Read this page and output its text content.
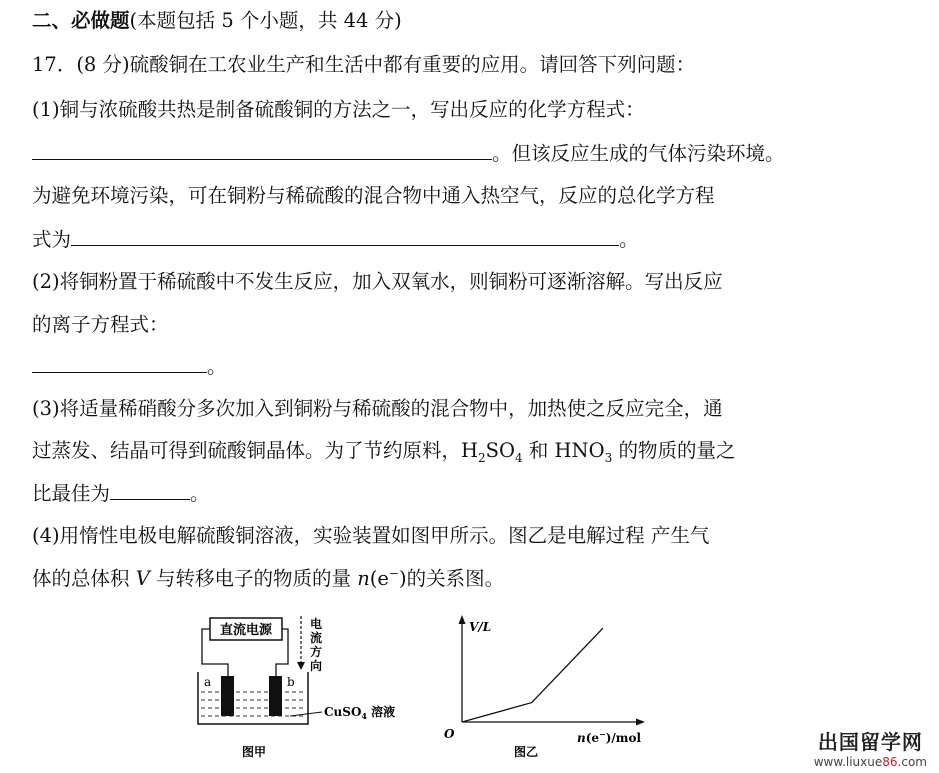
二、必做题(本题包括 5 个小题，共 44 分)
17．(8 分)硫酸铜在工农业生产和生活中都有重要的应用。请回答下列问题：
(1)铜与浓硫酸共热是制备硫酸铜的方法之一，写出反应的化学方程式：
。但该反应生成的气体污染环境。
为避免环境污染，可在铜粉与稀硫酸的混合物中通入热空气，反应的总化学方程
式为	。
(2)将铜粉置于稀硫酸中不发生反应，加入双氧水，则铜粉可逐渐溶解。写出反应
的离子方程式：
。
(3)将适量稀硝酸分多次加入到铜粉与稀硫酸的混合物中，加热使之反应完全，通
过蒸发、结晶可得到硫酸铜晶体。为了节约原料，$H_2SO_4$ 和 $HNO_3$ 的物质的量之
比最佳为	。
(4)用惰性电极电解硫酸铜溶液，实验装置如图甲所示。图乙是电解过程 产生气
体的总体积 V 与转移电子的物质的量 n(e−)的关系图。
直流电源	电
流
方
向
a	b
CuSO$_4$ 溶液
图甲
V/L
O	n(e−)/mol
图乙	出国留学网
www.liuxue86.com
